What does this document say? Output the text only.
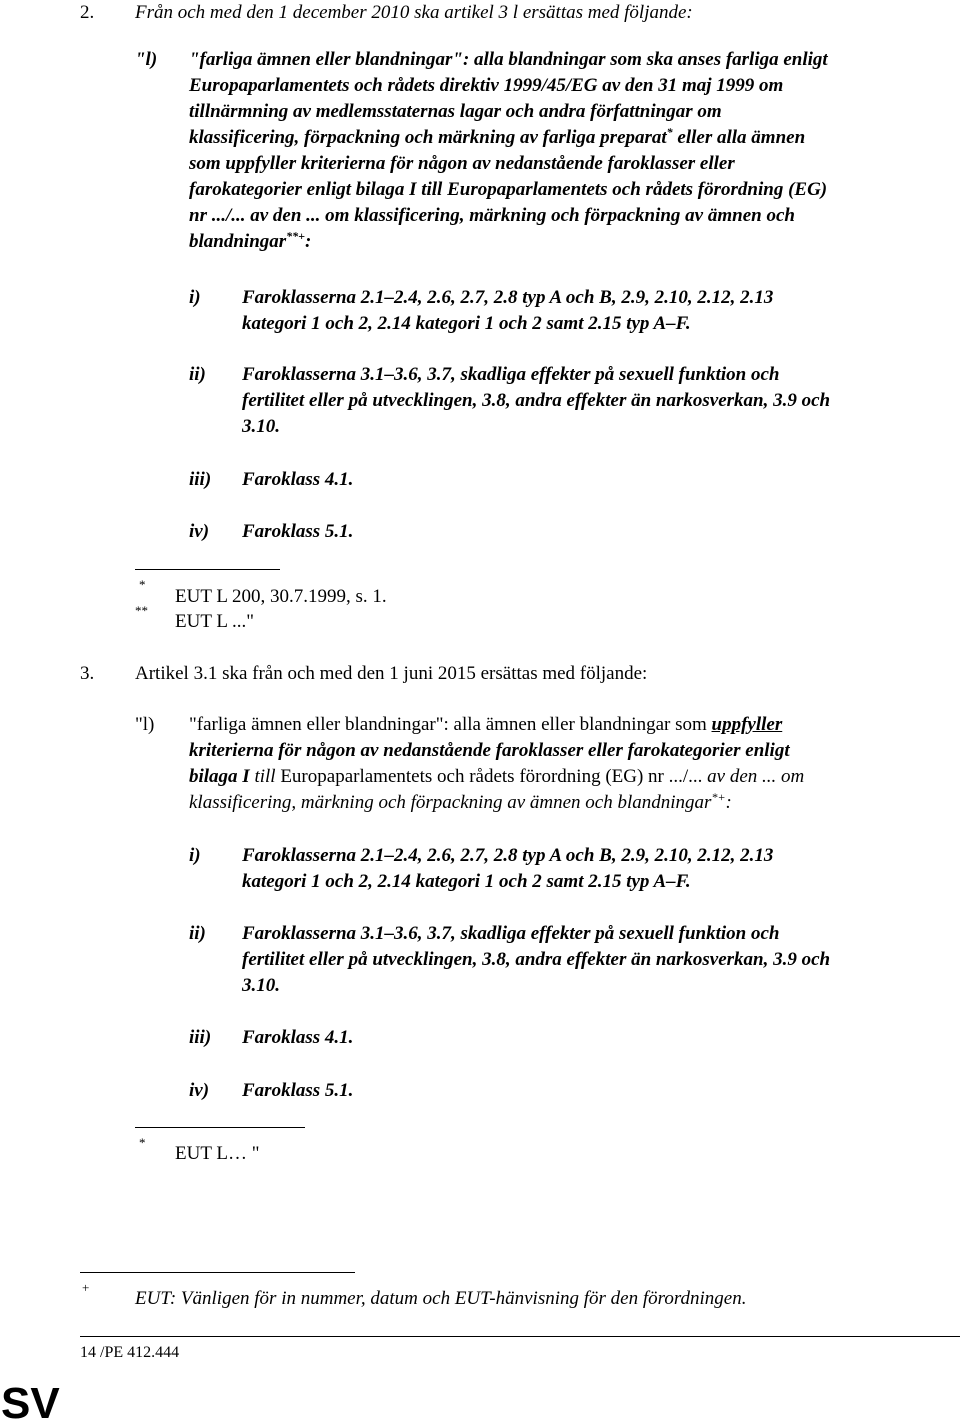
2. Från och med den 1 december 2010 ska artikel 3 l ersättas med följande:
"l) "farliga ämnen eller blandningar": alla blandningar som ska anses farliga enligt

Europaparlamentets och rådets direktiv 1999/45/EG av den 31 maj 1999 om

tillnärmning av medlemsstaternas lagar och andra författningar om

klassificering, förpackning och märkning av farliga preparat* eller alla ämnen

som uppfyller kriterierna för någon av nedanstående faroklasser eller

farokategorier enligt bilaga I till Europaparlamentets och rådets förordning (EG)

nr .../... av den ... om klassificering, märkning och förpackning av ämnen och

blandningar**+:

i) Faroklasserna 2.1–2.4, 2.6, 2.7, 2.8 typ A och B, 2.9, 2.10, 2.12, 2.13

kategori 1 och 2, 2.14 kategori 1 och 2 samt 2.15 typ A–F.

ii) Faroklasserna 3.1–3.6, 3.7, skadliga effekter på sexuell funktion och

fertilitet eller på utvecklingen, 3.8, andra effekter än narkosverkan, 3.9 och

3.10.

iii) Faroklass 4.1.
iv) Faroklass 5.1.
*
EUT L 200, 30.7.1999, s. 1.
**
EUT L ..."
3. Artikel 3.1 ska från och med den 1 juni 2015 ersättas med följande:
"l) "farliga ämnen eller blandningar": alla ämnen eller blandningar som uppfyller

kriterierna för någon av nedanstående faroklasser eller farokategorier enligt

bilaga I till Europaparlamentets och rådets förordning (EG) nr .../... av den ... om

klassificering, märkning och förpackning av ämnen och blandningar*+:

i) Faroklasserna 2.1–2.4, 2.6, 2.7, 2.8 typ A och B, 2.9, 2.10, 2.12, 2.13

kategori 1 och 2, 2.14 kategori 1 och 2 samt 2.15 typ A–F.

ii) Faroklasserna 3.1–3.6, 3.7, skadliga effekter på sexuell funktion och

fertilitet eller på utvecklingen, 3.8, andra effekter än narkosverkan, 3.9 och

3.10.

iii) Faroklass 4.1.
iv) Faroklass 5.1.
*
EUT L… "
+
EUT: Vänligen för in nummer, datum och EUT-hänvisning för den förordningen.
14 /PE 412.444
SV
